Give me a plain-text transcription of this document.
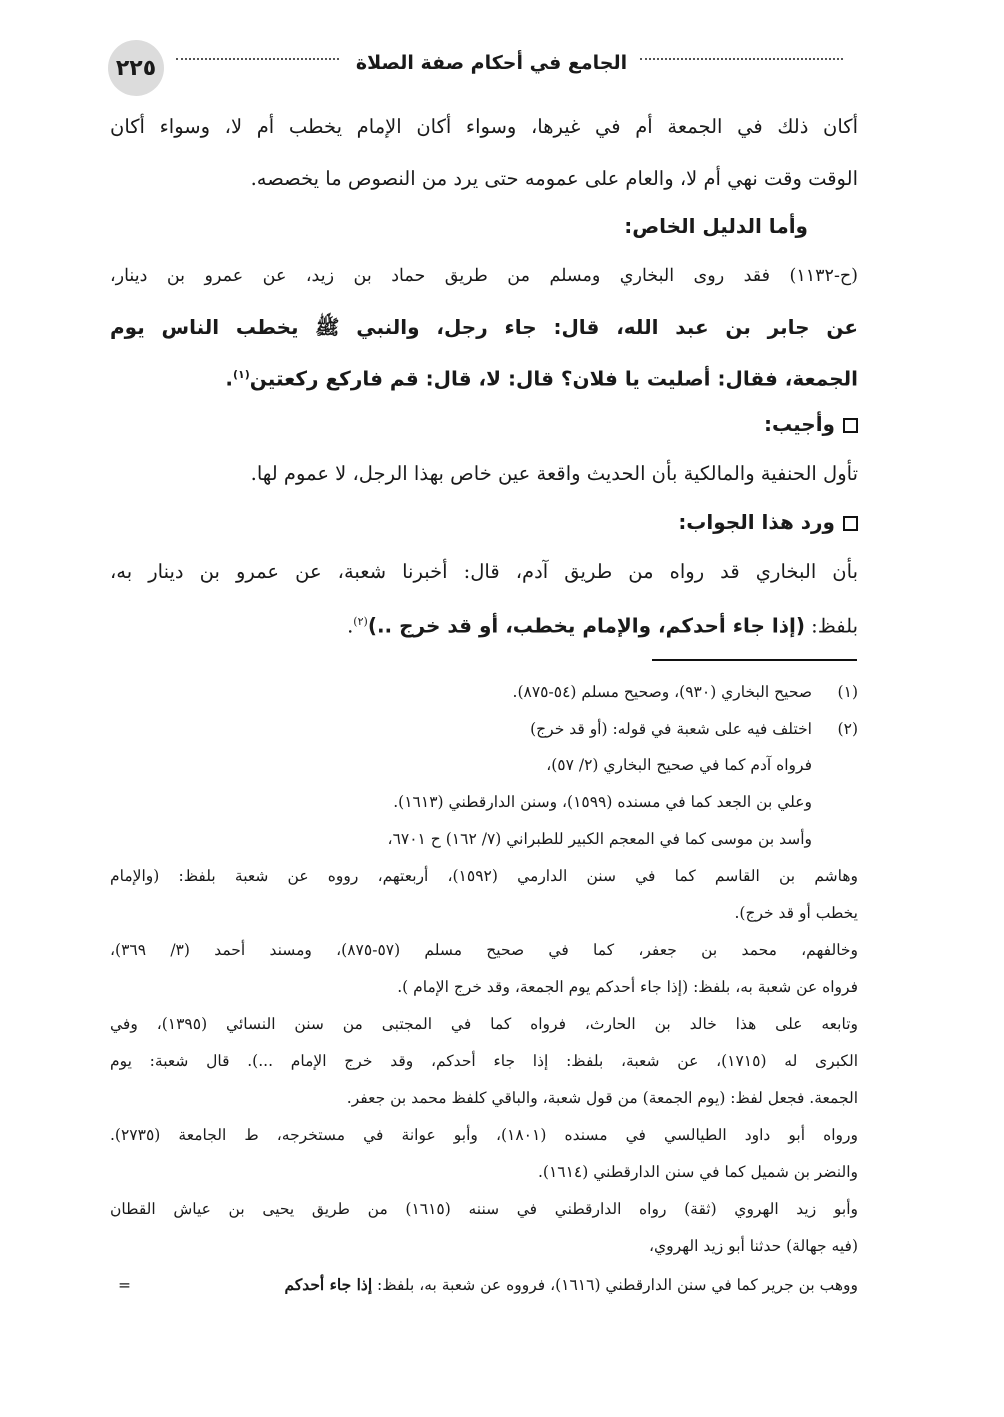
٢٢٥	الجامع في أحكام صفة الصلاة
أكان ذلك في الجمعة أم في غيرها، وسواء أكان الإمام يخطب أم لا، وسواء أكان
الوقت وقت نهي أم لا، والعام على عمومه حتى يرد من النصوص ما يخصصه.
وأما الدليل الخاص:
(ح-١١٣٢) فقد روى البخاري ومسلم من طريق حماد بن زيد، عن عمرو بن دينار،
عن جابر بن عبد الله، قال: جاء رجل، والنبي ﷺ يخطب الناس يوم
الجمعة، فقال: أصليت يا فلان؟ قال: لا، قال: قم فاركع ركعتين$^{(١)}$.
وأجيب:
تأول الحنفية والمالكية بأن الحديث واقعة عين خاص بهذا الرجل، لا عموم لها.
ورد هذا الجواب:
بأن البخاري قد رواه من طريق آدم، قال: أخبرنا شعبة، عن عمرو بن دينار به،
بلفظ: (إذا جاء أحدكم، والإمام يخطب، أو قد خرج ..)$^{(٢)}$.
(١)
صحيح البخاري (٩٣٠)، وصحيح مسلم (٥٤-٨٧٥).
(٢)
اختلف فيه على شعبة في قوله: (أو قد خرج)
فرواه آدم كما في صحيح البخاري (٢/ ٥٧)،
وعلي بن الجعد كما في مسنده (١٥٩٩)، وسنن الدارقطني (١٦١٣).
وأسد بن موسى كما في المعجم الكبير للطبراني (٧/ ١٦٢) ح ٦٧٠١،
وهاشم بن القاسم كما في سنن الدارمي (١٥٩٢)، أربعتهم، رووه عن شعبة بلفظ: (والإمام
يخطب أو قد خرج).
وخالفهم، محمد بن جعفر، كما في صحيح مسلم (٥٧-٨٧٥)، ومسند أحمد (٣/ ٣٦٩)،
فرواه عن شعبة به، بلفظ: (إذا جاء أحدكم يوم الجمعة، وقد خرج الإمام ).
وتابعه على هذا خالد بن الحارث، فرواه كما في المجتبى من سنن النسائي (١٣٩٥)، وفي
الكبرى له (١٧١٥)، عن شعبة، بلفظ: إذا جاء أحدكم، وقد خرج الإمام ...). قال شعبة: يوم
الجمعة. فجعل لفظ: (يوم الجمعة) من قول شعبة، والباقي كلفظ محمد بن جعفر.
ورواه أبو داود الطيالسي في مسنده (١٨٠١)، وأبو عوانة في مستخرجه، ط الجامعة (٢٧٣٥).
والنضر بن شميل كما في سنن الدارقطني (١٦١٤).
وأبو زيد الهروي (ثقة) رواه الدارقطني في سننه (١٦١٥) من طريق يحيى بن عياش القطان
(فيه جهالة) حدثنا أبو زيد الهروي،
ووهب بن جرير كما في سنن الدارقطني (١٦١٦)، فرووه عن شعبة به، بلفظ: إذا جاء أحدكم
=
